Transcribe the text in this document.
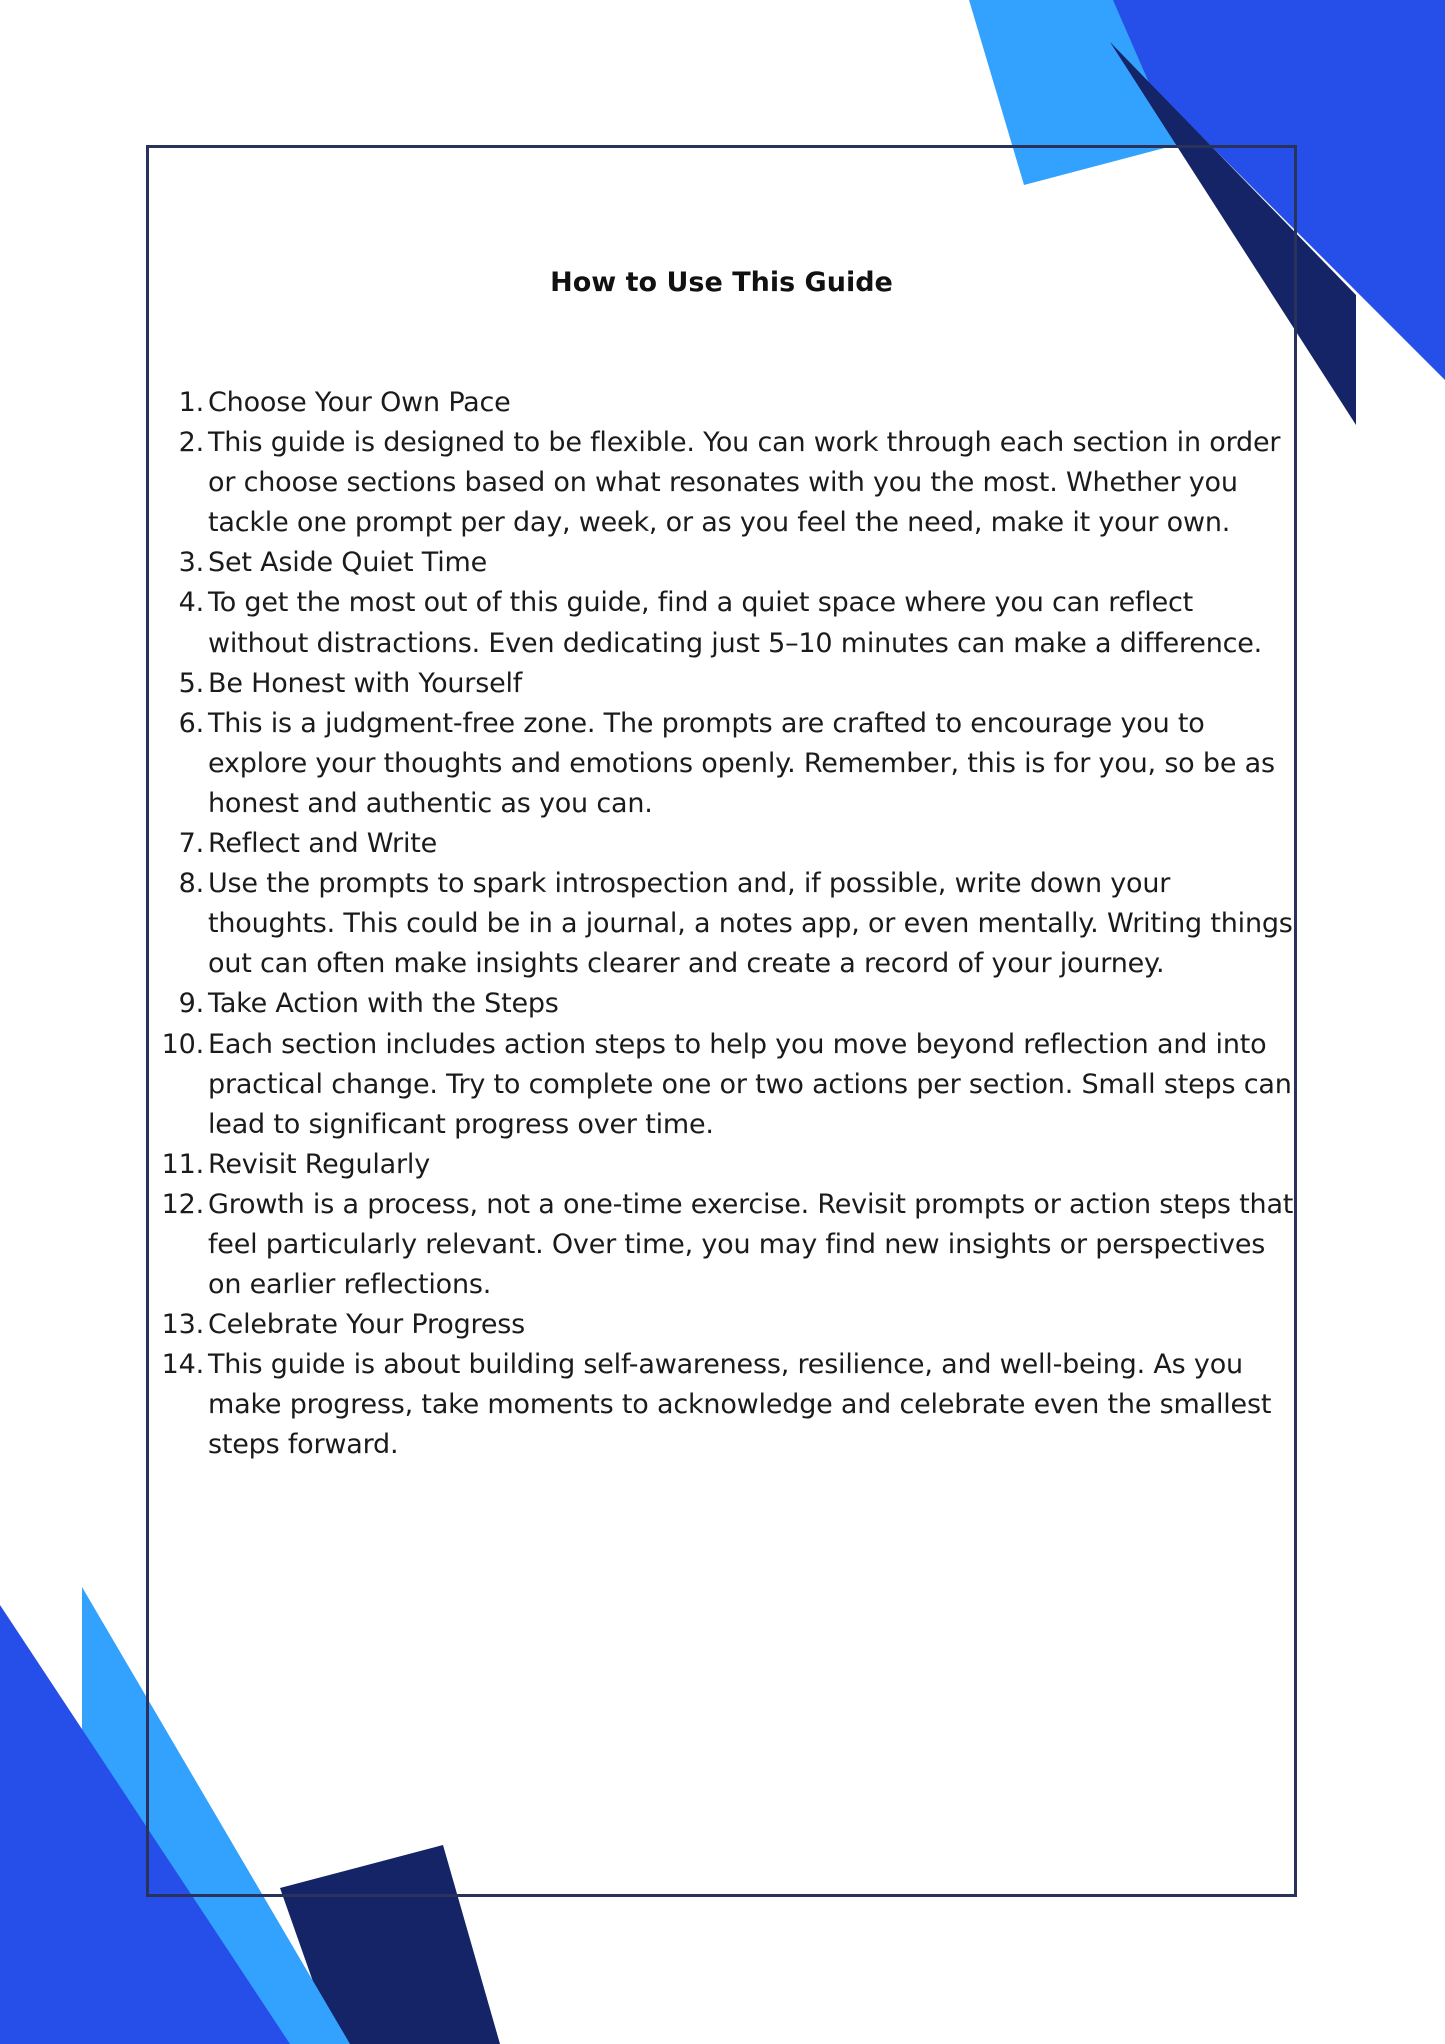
How to Use This Guide
1. Choose Your Own Pace
2. This guide is designed to be flexible. You can work through each section in order or choose sections based on what resonates with you the most. Whether you tackle one prompt per day, week, or as you feel the need, make it your own.
3. Set Aside Quiet Time
4. To get the most out of this guide, find a quiet space where you can reflect without distractions. Even dedicating just 5–10 minutes can make a difference.
5. Be Honest with Yourself
6. This is a judgment-free zone. The prompts are crafted to encourage you to explore your thoughts and emotions openly. Remember, this is for you, so be as honest and authentic as you can.
7. Reflect and Write
8. Use the prompts to spark introspection and, if possible, write down your thoughts. This could be in a journal, a notes app, or even mentally. Writing things out can often make insights clearer and create a record of your journey.
9. Take Action with the Steps
10. Each section includes action steps to help you move beyond reflection and into practical change. Try to complete one or two actions per section. Small steps can lead to significant progress over time.
11. Revisit Regularly
12. Growth is a process, not a one-time exercise. Revisit prompts or action steps that feel particularly relevant. Over time, you may find new insights or perspectives on earlier reflections.
13. Celebrate Your Progress
14. This guide is about building self-awareness, resilience, and well-being. As you make progress, take moments to acknowledge and celebrate even the smallest steps forward.
